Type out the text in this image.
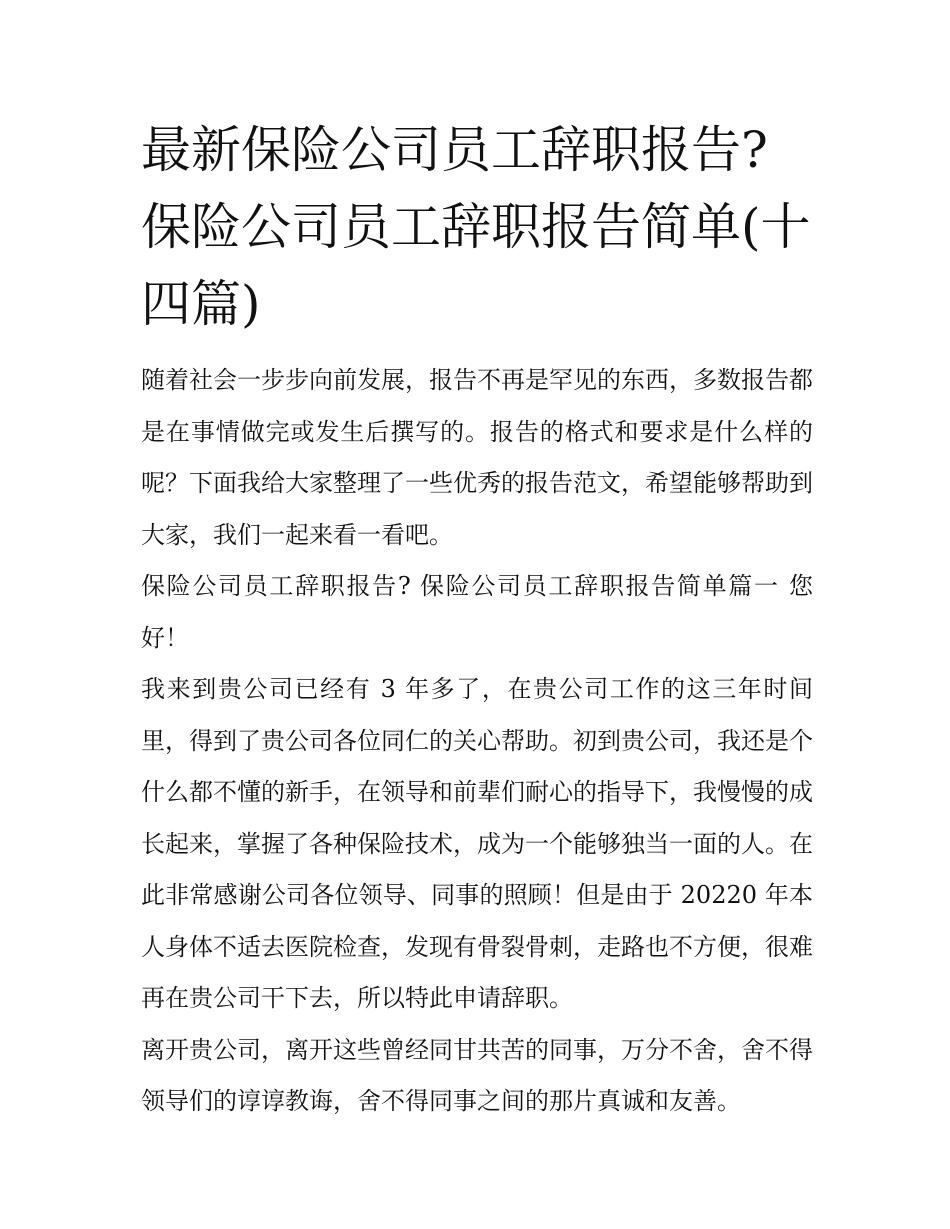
最新保险公司员工辞职报告?保险公司员工辞职报告简单(十四篇)

随着社会一步步向前发展，报告不再是罕见的东西，多数报告都是在事情做完或发生后撰写的。报告的格式和要求是什么样的呢？下面我给大家整理了一些优秀的报告范文，希望能够帮助到大家，我们一起来看一看吧。

保险公司员工辞职报告? 保险公司员工辞职报告简单篇一 您好！

我来到贵公司已经有 3 年多了，在贵公司工作的这三年时间里，得到了贵公司各位同仁的关心帮助。初到贵公司，我还是个什么都不懂的新手，在领导和前辈们耐心的指导下，我慢慢的成长起来，掌握了各种保险技术，成为一个能够独当一面的人。在此非常感谢公司各位领导、同事的照顾！但是由于 20220 年本人身体不适去医院检查，发现有骨裂骨刺，走路也不方便，很难再在贵公司干下去，所以特此申请辞职。

离开贵公司，离开这些曾经同甘共苦的同事，万分不舍，舍不得领导们的谆谆教诲，舍不得同事之间的那片真诚和友善。
